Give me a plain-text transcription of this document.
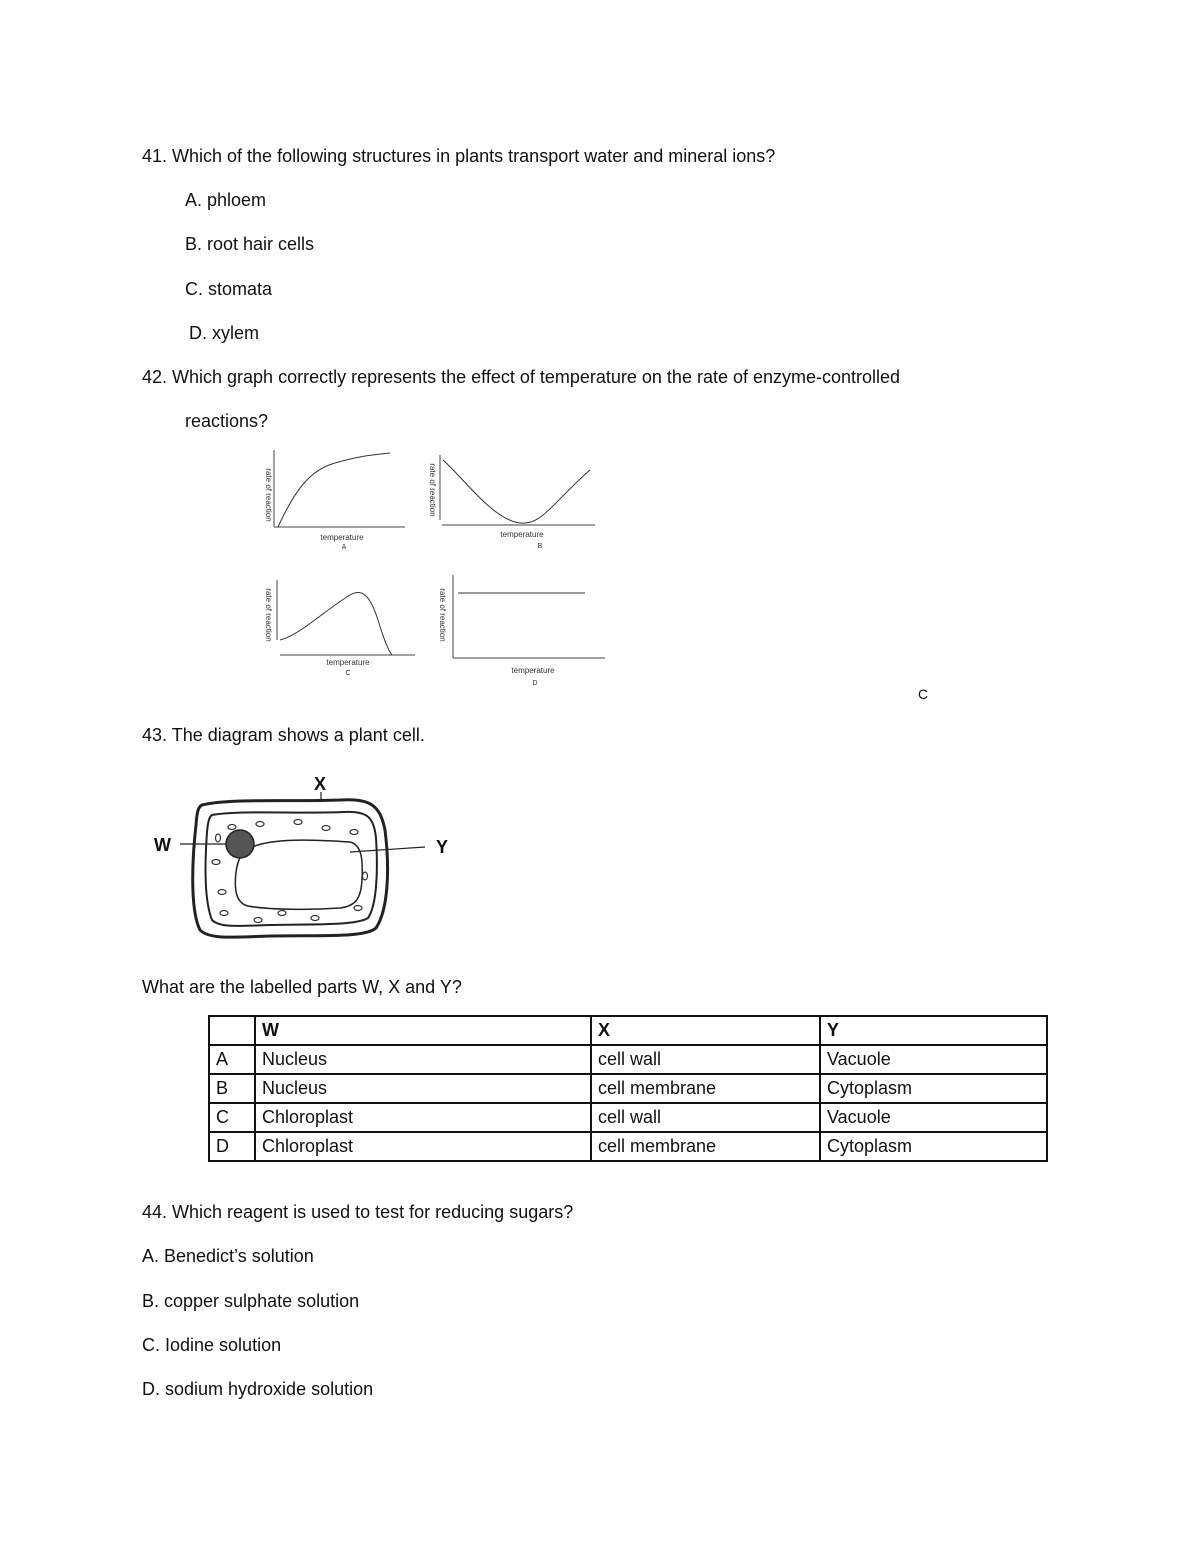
41. Which of the following structures in plants transport water and mineral ions?
A. phloem
B. root hair cells
C. stomata
D. xylem
42. Which graph correctly represents the effect of temperature on the rate of enzyme-controlled
reactions?
rate of reaction
temperature
A
rate of reaction
temperature
B
rate of reaction
temperature
C
rate of reaction
temperature
D
C
43. The diagram shows a plant cell.
W
X
Y
What are the labelled parts W, X and Y?
	W	X	Y
A	Nucleus	cell wall	Vacuole
B	Nucleus	cell membrane	Cytoplasm
C	Chloroplast	cell wall	Vacuole
D	Chloroplast	cell membrane	Cytoplasm
44. Which reagent is used to test for reducing sugars?
A. Benedict’s solution
B. copper sulphate solution
C. Iodine solution
D. sodium hydroxide solution
